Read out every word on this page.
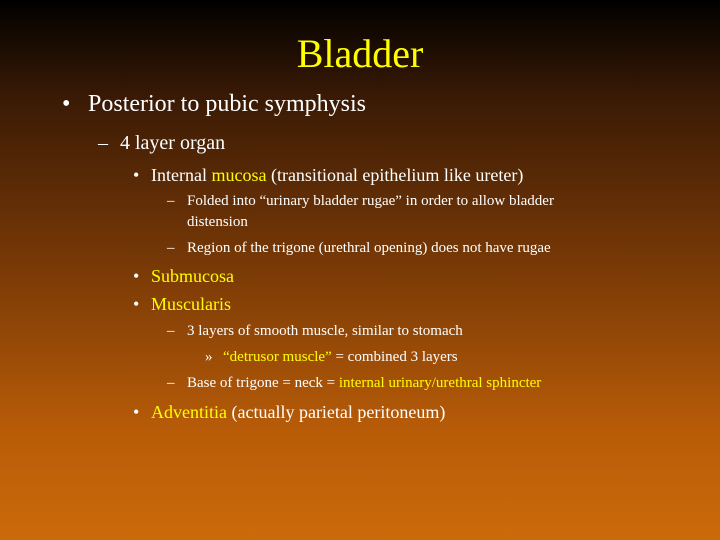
Bladder
• Posterior to pubic symphysis
– 4 layer organ
• Internal mucosa (transitional epithelium like ureter)
– Folded into “urinary bladder rugae” in order to allow bladder
distension
– Region of the trigone (urethral opening) does not have rugae
• Submucosa
• Muscularis
– 3 layers of smooth muscle, similar to stomach
» “detrusor muscle” = combined 3 layers
– Base of trigone = neck = internal urinary/urethral sphincter
• Adventitia (actually parietal peritoneum)
